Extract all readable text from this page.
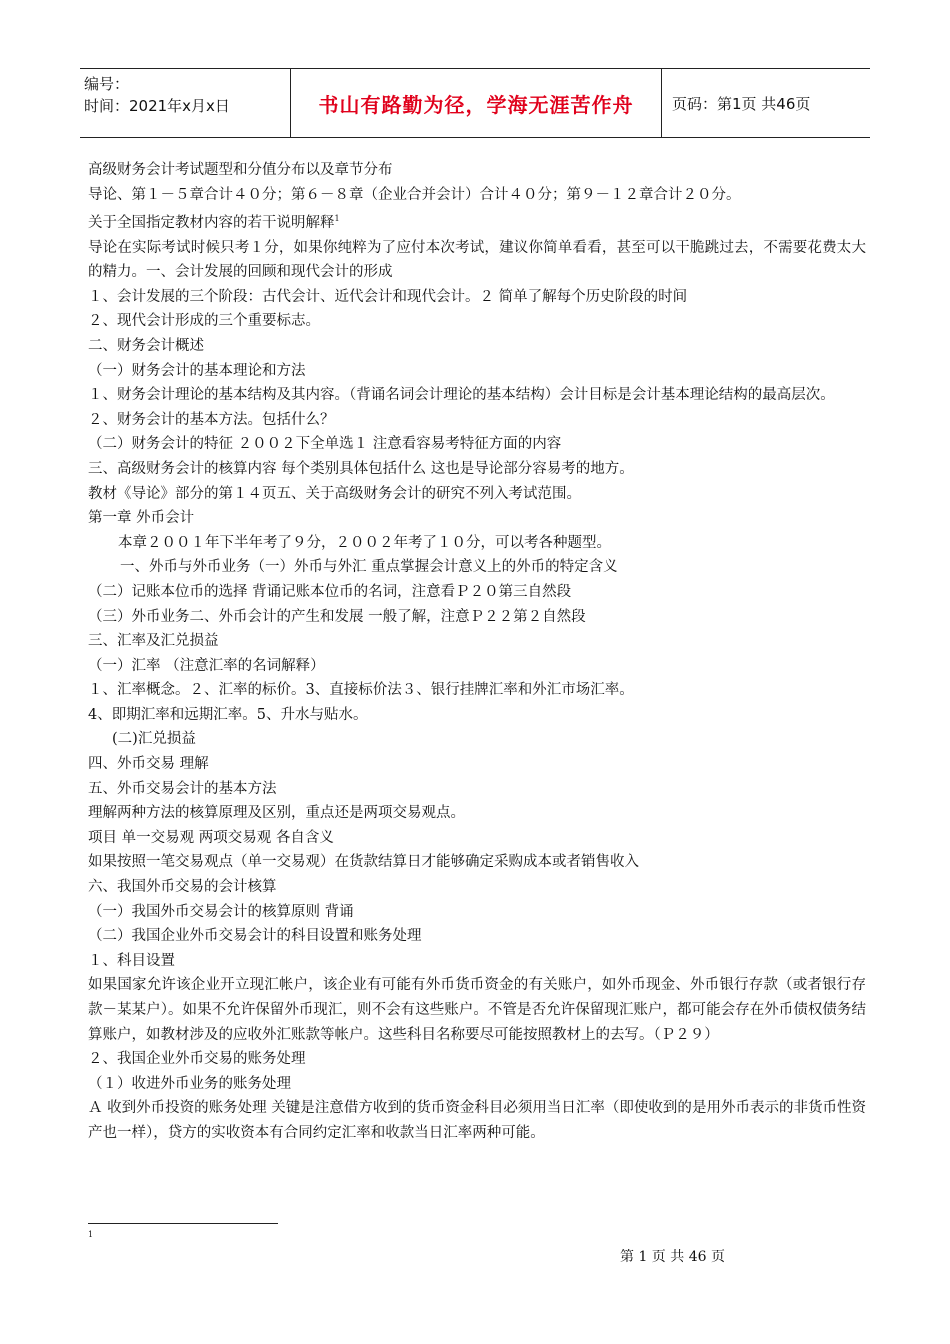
编号：
时间：2021年x月x日	书山有路勤为径，学海无涯苦作舟	页码：第1页 共46页
高级财务会计考试题型和分值分布以及章节分布
导论、第１－５章合计４０分；第６－８章（企业合并会计）合计４０分；第９－１２章合计２０分。
关于全国指定教材内容的若干说明解释$^1$
导论在实际考试时候只考１分，如果你纯粹为了应付本次考试，建议你简单看看，甚至可以干脆跳过去，不需要花费太大的精力。一、会计发展的回顾和现代会计的形成
１、会计发展的三个阶段：古代会计、近代会计和现代会计。２ 简单了解每个历史阶段的时间
２、现代会计形成的三个重要标志。
二、财务会计概述
（一）财务会计的基本理论和方法
１、财务会计理论的基本结构及其内容。（背诵名词会计理论的基本结构）会计目标是会计基本理论结构的最高层次。
２、财务会计的基本方法。包括什么？
（二）财务会计的特征 ２００２下全单选１ 注意看容易考特征方面的内容
三、高级财务会计的核算内容 每个类别具体包括什么 这也是导论部分容易考的地方。
教材《导论》部分的第１４页五、关于高级财务会计的研究不列入考试范围。
第一章 外币会计
本章２００１年下半年考了９分，２００２年考了１０分，可以考各种题型。
一、外币与外币业务（一）外币与外汇 重点掌握会计意义上的外币的特定含义
（二）记账本位币的选择 背诵记账本位币的名词，注意看Ｐ２０第三自然段
（三）外币业务二、外币会计的产生和发展 一般了解，注意Ｐ２２第２自然段
三、汇率及汇兑损益
（一）汇率 （注意汇率的名词解释）
１、汇率概念。２、汇率的标价。3、直接标价法３、银行挂牌汇率和外汇市场汇率。
4、即期汇率和远期汇率。5、升水与贴水。
(二)汇兑损益
四、外币交易 理解
五、外币交易会计的基本方法
理解两种方法的核算原理及区别，重点还是两项交易观点。
项目 单一交易观 两项交易观 各自含义
如果按照一笔交易观点（单一交易观）在货款结算日才能够确定采购成本或者销售收入
六、我国外币交易的会计核算
（一）我国外币交易会计的核算原则 背诵
（二）我国企业外币交易会计的科目设置和账务处理
１、科目设置
如果国家允许该企业开立现汇帐户，该企业有可能有外币货币资金的有关账户，如外币现金、外币银行存款（或者银行存款－某某户）。如果不允许保留外币现汇，则不会有这些账户。不管是否允许保留现汇账户，都可能会存在外币债权债务结算账户，如教材涉及的应收外汇账款等帐户。这些科目名称要尽可能按照教材上的去写。（Ｐ２９）
２、我国企业外币交易的账务处理
（１）收进外币业务的账务处理
Ａ 收到外币投资的账务处理 关键是注意借方收到的货币资金科目必须用当日汇率（即使收到的是用外币表示的非货币性资产也一样），贷方的实收资本有合同约定汇率和收款当日汇率两种可能。
1
第 1 页 共 46 页
